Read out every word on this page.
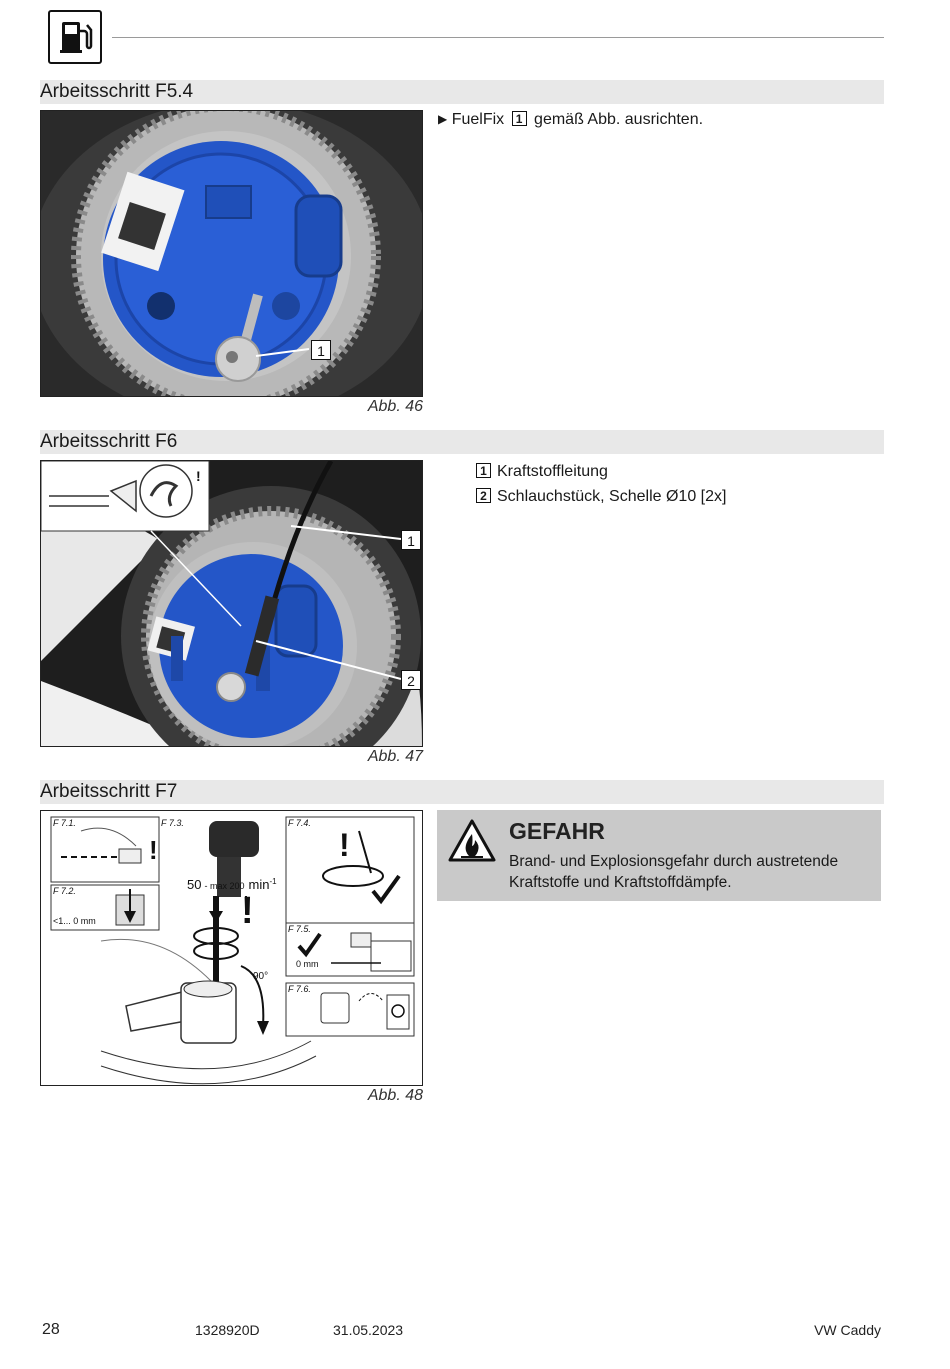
Arbeitsschritt F5.4
1
Abb. 46
▶ FuelFix 1 gemäß Abb. ausrichten.
Arbeitsschritt F6
!
1
2
Abb. 47
1 Kraftstoffleitung
2 Schlauchstück, Schelle Ø10 [2x]
Arbeitsschritt F7
!
!
!
F 7.1.
F 7.2.
F 7.3.	F 7.4.
F 7.5.
F 7.6.
<1... 0 mm
0 mm
90°
50 - max 200 $\min^{-1}$
Abb. 48
GEFAHR
Brand- und Explosionsgefahr durch austretende Kraftstoffe und Kraftstoffdämpfe.
28	1328920D	31.05.2023	VW Caddy
